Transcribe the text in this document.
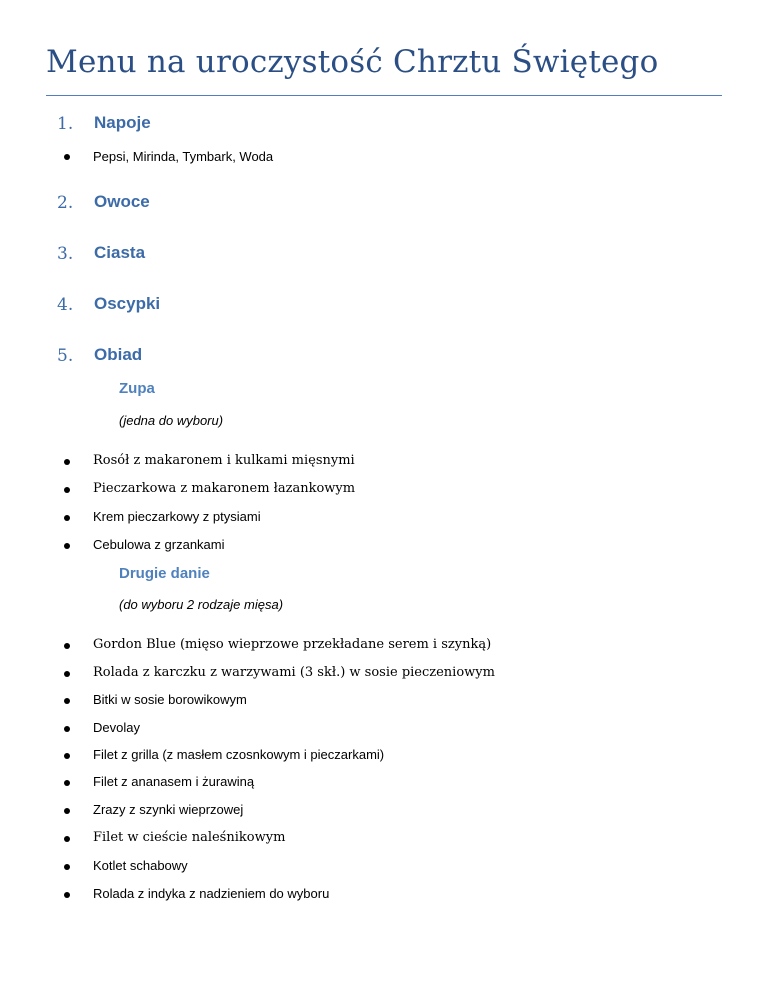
Menu na uroczystość Chrztu Świętego
1. Napoje
Pepsi, Mirinda, Tymbark, Woda
2. Owoce
3. Ciasta
4. Oscypki
5. Obiad
Zupa
(jedna do wyboru)
Rosół z makaronem i kulkami mięsnymi
Pieczarkowa z makaronem łazankowym
Krem pieczarkowy z ptysiami
Cebulowa z grzankami
Drugie danie
(do wyboru 2 rodzaje mięsa)
Gordon Blue (mięso wieprzowe przekładane serem i szynką)
Rolada z karczku z warzywami (3 skł.) w sosie pieczeniowym
Bitki w sosie borowikowym
Devolay
Filet z grilla (z masłem czosnkowym i pieczarkami)
Filet z ananasem i żurawiną
Zrazy z szynki wieprzowej
Filet w cieście naleśnikowym
Kotlet schabowy
Rolada z indyka z nadzieniem do wyboru
